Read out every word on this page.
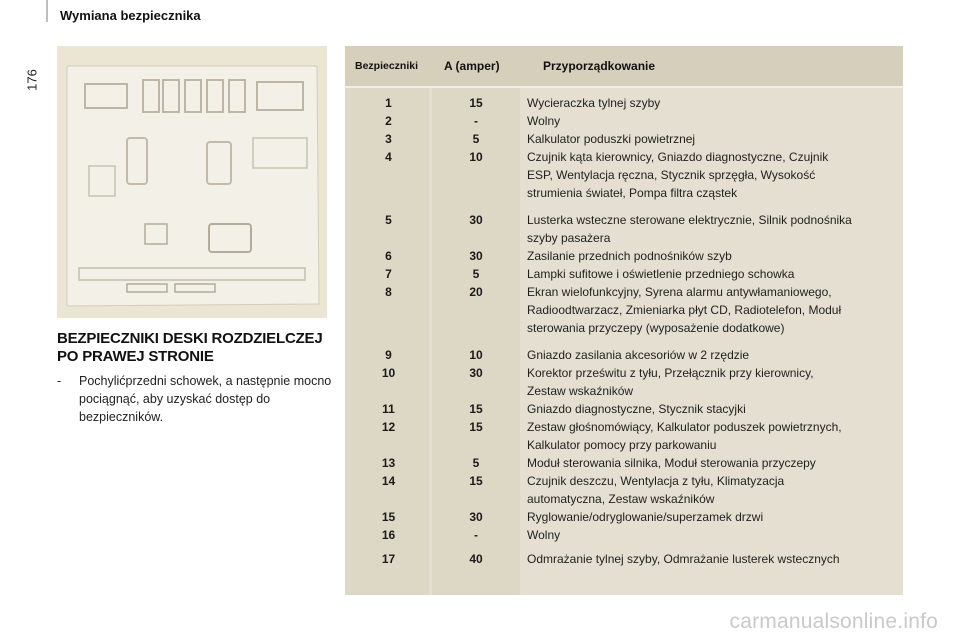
Wymiana bezpiecznika
176
BEZPIECZNIKI DESKI ROZDZIELCZEJ
PO PRAWEJ STRONIE
- Pochylićprzedni schowek, a następnie mocno pociągnąć, aby uzyskać dostęp do bezpieczników.
Bezpieczniki A (amper)	Przyporządkowanie
1	15	Wycieraczka tylnej szyby
2	-	Wolny
3	5	Kalkulator poduszki powietrznej
4	10	Czujnik kąta kierownicy, Gniazdo diagnostyczne, Czujnik
ESP, Wentylacja ręczna, Stycznik sprzęgła, Wysokość
strumienia świateł, Pompa filtra cząstek
5	30	Lusterka wsteczne sterowane elektrycznie, Silnik podnośnika
szyby pasażera
6	30	Zasilanie przednich podnośników szyb
7	5	Lampki sufitowe i oświetlenie przedniego schowka
8	20	Ekran wielofunkcyjny, Syrena alarmu antywłamaniowego,
Radioodtwarzacz, Zmieniarka płyt CD, Radiotelefon, Moduł
sterowania przyczepy (wyposażenie dodatkowe)
9	10	Gniazdo zasilania akcesoriów w 2 rzędzie
10	30	Korektor prześwitu z tyłu, Przełącznik przy kierownicy,
Zestaw wskaźników
11	15	Gniazdo diagnostyczne, Stycznik stacyjki
12	15	Zestaw głośnomówiący, Kalkulator poduszek powietrznych,
Kalkulator pomocy przy parkowaniu
13	5	Moduł sterowania silnika, Moduł sterowania przyczepy
14	15	Czujnik deszczu, Wentylacja z tyłu, Klimatyzacja
automatyczna, Zestaw wskaźników
15	30	Ryglowanie/odryglowanie/superzamek drzwi
16	-	Wolny
17	40	Odmrażanie tylnej szyby, Odmrażanie lusterek wstecznych
carmanualsonline.info
